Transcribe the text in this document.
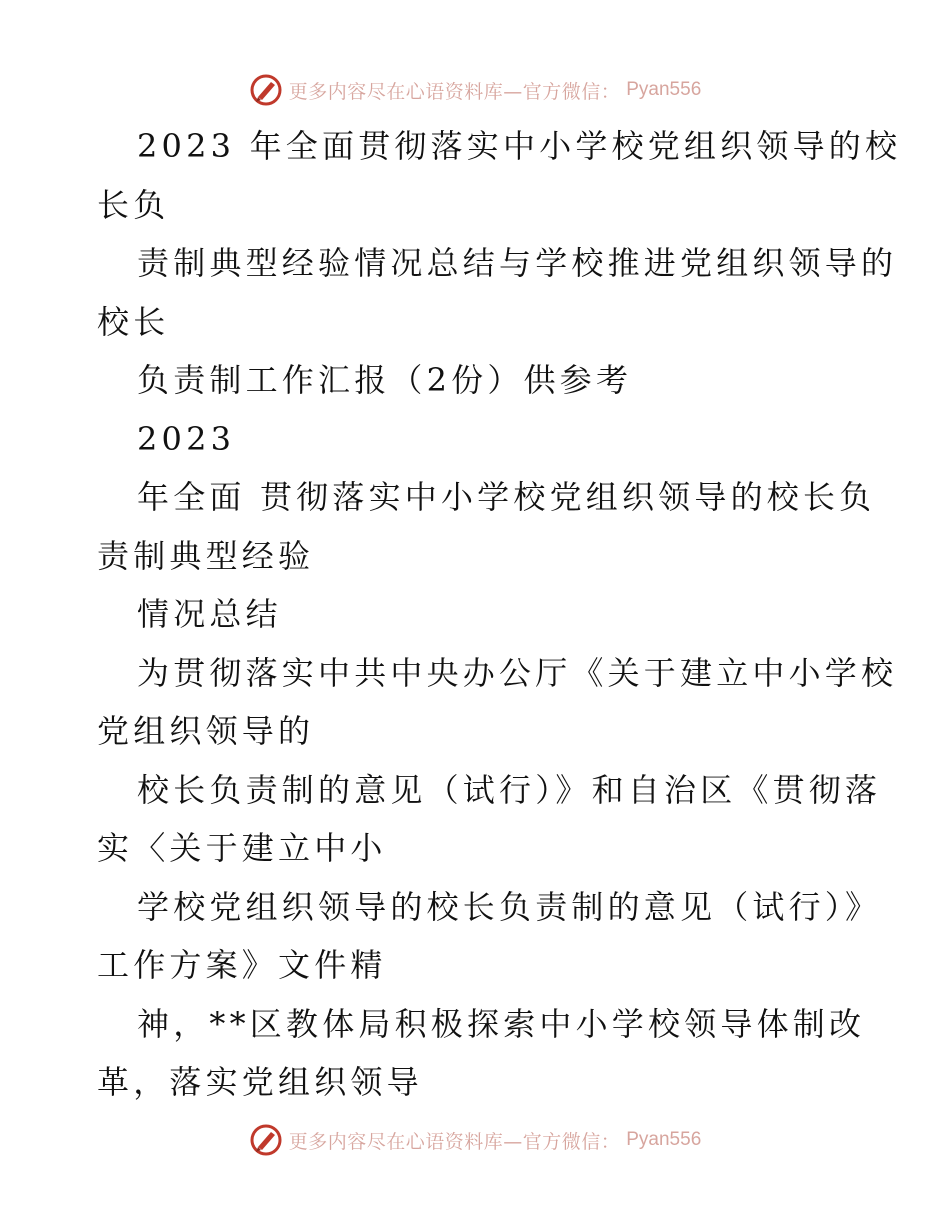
更多内容尽在心语资料库—官方微信： Pyan556
2023 年全面贯彻落实中小学校党组织领导的校
长负
责制典型经验情况总结与学校推进党组织领导的
校长
负责制工作汇报（2份）供参考
2023
年全面 贯彻落实中小学校党组织领导的校长负
责制典型经验
情况总结
为贯彻落实中共中央办公厅《关于建立中小学校
党组织领导的
校长负责制的意见（试行）》和自治区《贯彻落
实〈关于建立中小
学校党组织领导的校长负责制的意见（试行）》
工作方案》文件精
神，**区教体局积极探索中小学校领导体制改
革，落实党组织领导
更多内容尽在心语资料库—官方微信： Pyan556
